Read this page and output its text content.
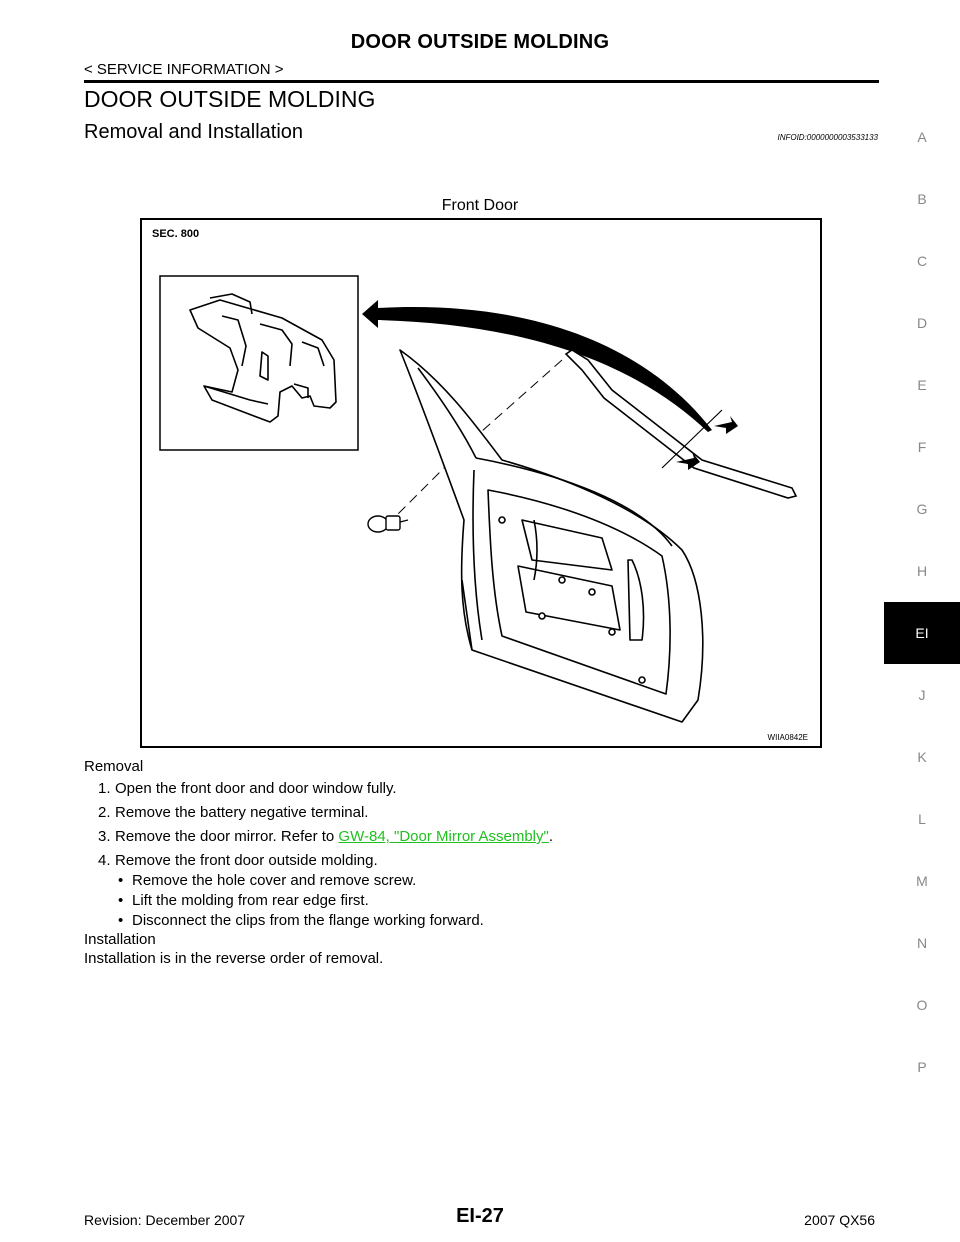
DOOR OUTSIDE MOLDING
< SERVICE INFORMATION >
DOOR OUTSIDE MOLDING
Removal and Installation	INFOID:0000000003533133
Front Door
SEC. 800
WIIA0842E
Removal
1. Open the front door and door window fully.
2. Remove the battery negative terminal.
3. Remove the door mirror. Refer to GW-84, "Door Mirror Assembly".
4. Remove the front door outside molding.
• Remove the hole cover and remove screw.
• Lift the molding from rear edge first.
• Disconnect the clips from the flange working forward.
Installation
Installation is in the reverse order of removal.
A
B
C
D
E
F
G
H
EI
J
K
L
M
N
O
P
Revision: December 2007	EI-27	2007 QX56
